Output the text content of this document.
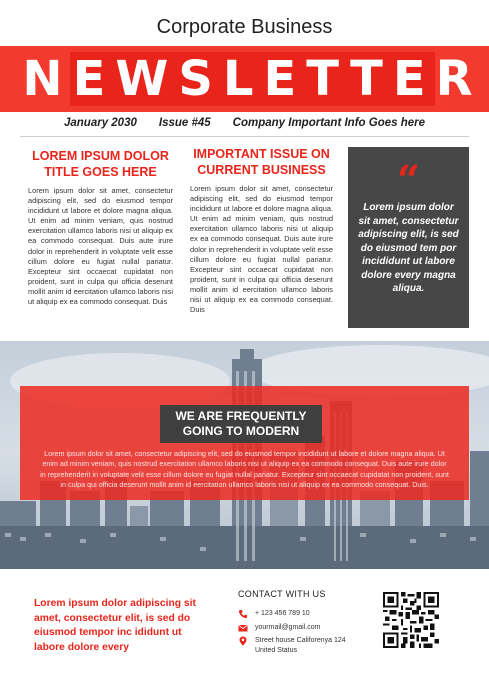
Corporate Business
NEWSLETTER
January 2030 Issue #45 Company Important Info Goes here
LOREM IPSUM DOLOR TITLE GOES HERE
Lorem ipsum dolor sit amet, consectetur adipiscing elit, sed do eiusmod tempor incididunt ut labore et dolore magna aliqua. Ut enim ad minim veniam, quis nostrud exercitation ullamco laboris nisi ut aliquip ex ea commodo consequat. Duis aute irure dolor in reprehenderit in voluptate velit esse cillum dolore eu fugiat nullal pariatur. Excepteur sint occaecat cupidatat non proident, sunt in culpa qui officia deserunt mollit anim id eercitation ullamco laboris nisi ut aliquip ex ea commodo consequat. Duis
IMPORTANT ISSUE ON CURRENT BUSINESS
Lorem ipsum dolor sit amet, consectetur adipiscing elit, sed do eiusmod tempor incididunt ut labore et dolore magna aliqua. Ut enim ad minim veniam, quis nostrud exercitation ullamco laboris nisi ut aliquip ex ea commodo consequat. Duis aute irure dolor in reprehenderit in voluptate velit esse cillum dolore eu fugiat nullal pariatur. Excepteur sint occaecat cupidatat non proident, sunt in culpa qui officia deserunt mollit anim id eercitation ullamco laboris nisi ut aliquip ex ea commodo consequat. Duis
“
Lorem ipsum dolor sit amet, consectetur adipiscing elit, is sed do eiusmod tem por incididunt ut labore dolore every magna aliqua.
WE ARE FREQUENTLY GOING TO MODERN
Lorem ipsum dolor sit amet, consectetur adipiscing elit, sed do eiusmod tempor incididunt ut labore et dolore magna aliqua. Ut enim ad minim veniam, quis nostrud exercitation ullamco laboris nisi ut aliquip ex ea commodo consequat. Duis aute irure dolor in reprehenderit in voluptate velit esse cillum dolore eu fugiat nullal pariatur. Excepteur sint occaecat cupidatat non proident, sunt in culpa qui officia deserunt mollit anim id eercitation ullamco laboris nisi ut aliquip ex ea commodo consequat. Duis.
Lorem ipsum dolor adipiscing sit amet, consectetur elit, is sed do eiusmod tempor inc ididunt ut labore dolore every
CONTACT WITH US
+ 123 456 789 10
yourmail@gmail.com
Street house Califorenya 124 United Status
